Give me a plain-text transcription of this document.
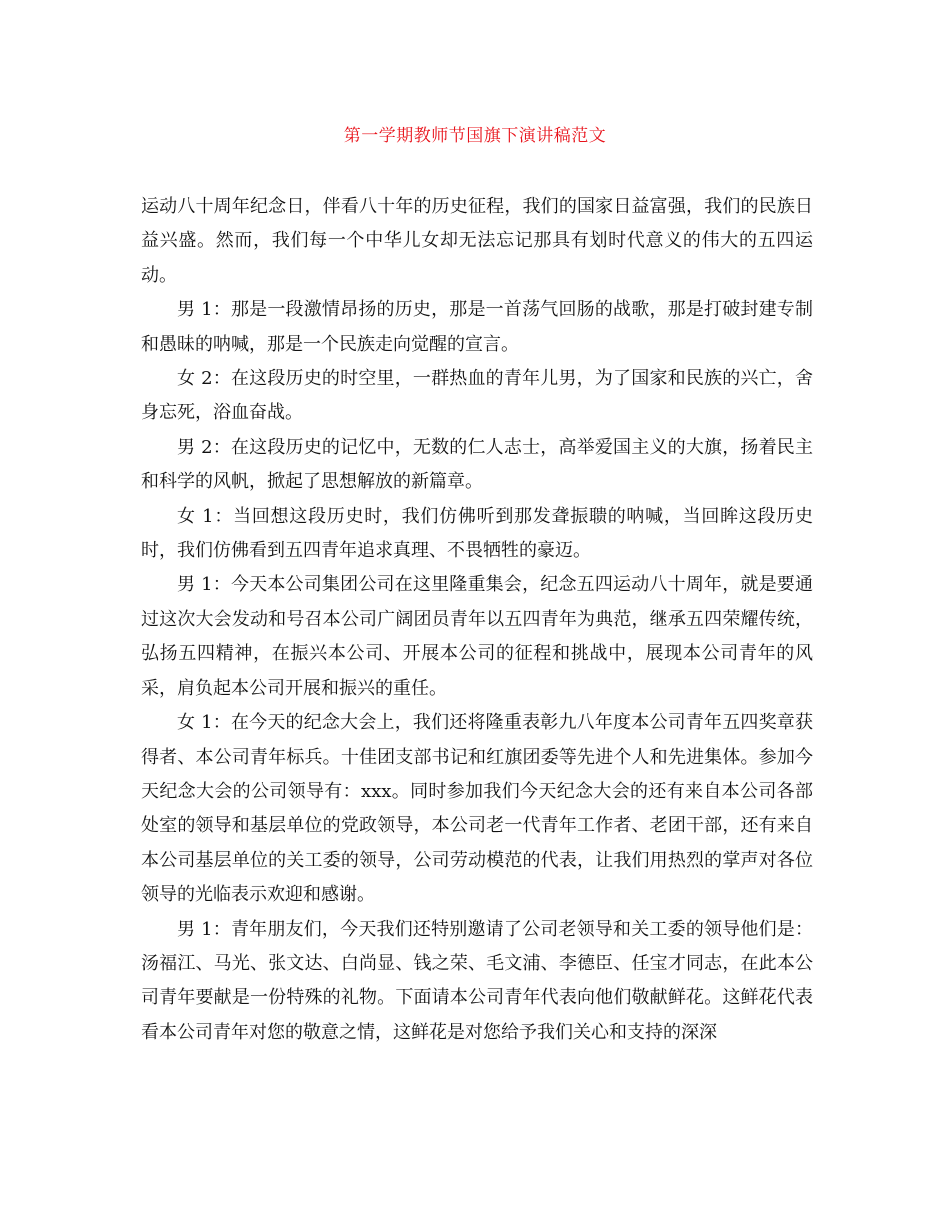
第一学期教师节国旗下演讲稿范文

运动八十周年纪念日，伴看八十年的历史征程，我们的国家日益富强，我们的民族日益兴盛。然而，我们每一个中华儿女却无法忘记那具有划时代意义的伟大的五四运动。

男 1：那是一段激情昂扬的历史，那是一首荡气回肠的战歌，那是打破封建专制和愚昧的呐喊，那是一个民族走向觉醒的宣言。

女 2：在这段历史的时空里，一群热血的青年儿男，为了国家和民族的兴亡，舍身忘死，浴血奋战。

男 2：在这段历史的记忆中，无数的仁人志士，高举爱国主义的大旗，扬着民主和科学的风帆，掀起了思想解放的新篇章。

女 1：当回想这段历史时，我们仿佛听到那发聋振聩的呐喊，当回眸这段历史时，我们仿佛看到五四青年追求真理、不畏牺牲的豪迈。

男 1：今天本公司集团公司在这里隆重集会，纪念五四运动八十周年，就是要通过这次大会发动和号召本公司广阔团员青年以五四青年为典范，继承五四荣耀传统，弘扬五四精神，在振兴本公司、开展本公司的征程和挑战中，展现本公司青年的风采，肩负起本公司开展和振兴的重任。

女 1：在今天的纪念大会上，我们还将隆重表彰九八年度本公司青年五四奖章获得者、本公司青年标兵。十佳团支部书记和红旗团委等先进个人和先进集体。参加今天纪念大会的公司领导有：xxx。同时参加我们今天纪念大会的还有来自本公司各部处室的领导和基层单位的党政领导，本公司老一代青年工作者、老团干部，还有来自本公司基层单位的关工委的领导，公司劳动模范的代表，让我们用热烈的掌声对各位领导的光临表示欢迎和感谢。

男 1：青年朋友们，今天我们还特别邀请了公司老领导和关工委的领导他们是：汤福江、马光、张文达、白尚显、钱之荣、毛文浦、李德臣、任宝才同志，在此本公司青年要献是一份特殊的礼物。下面请本公司青年代表向他们敬献鲜花。这鲜花代表看本公司青年对您的敬意之情，这鲜花是对您给予我们关心和支持的深深
